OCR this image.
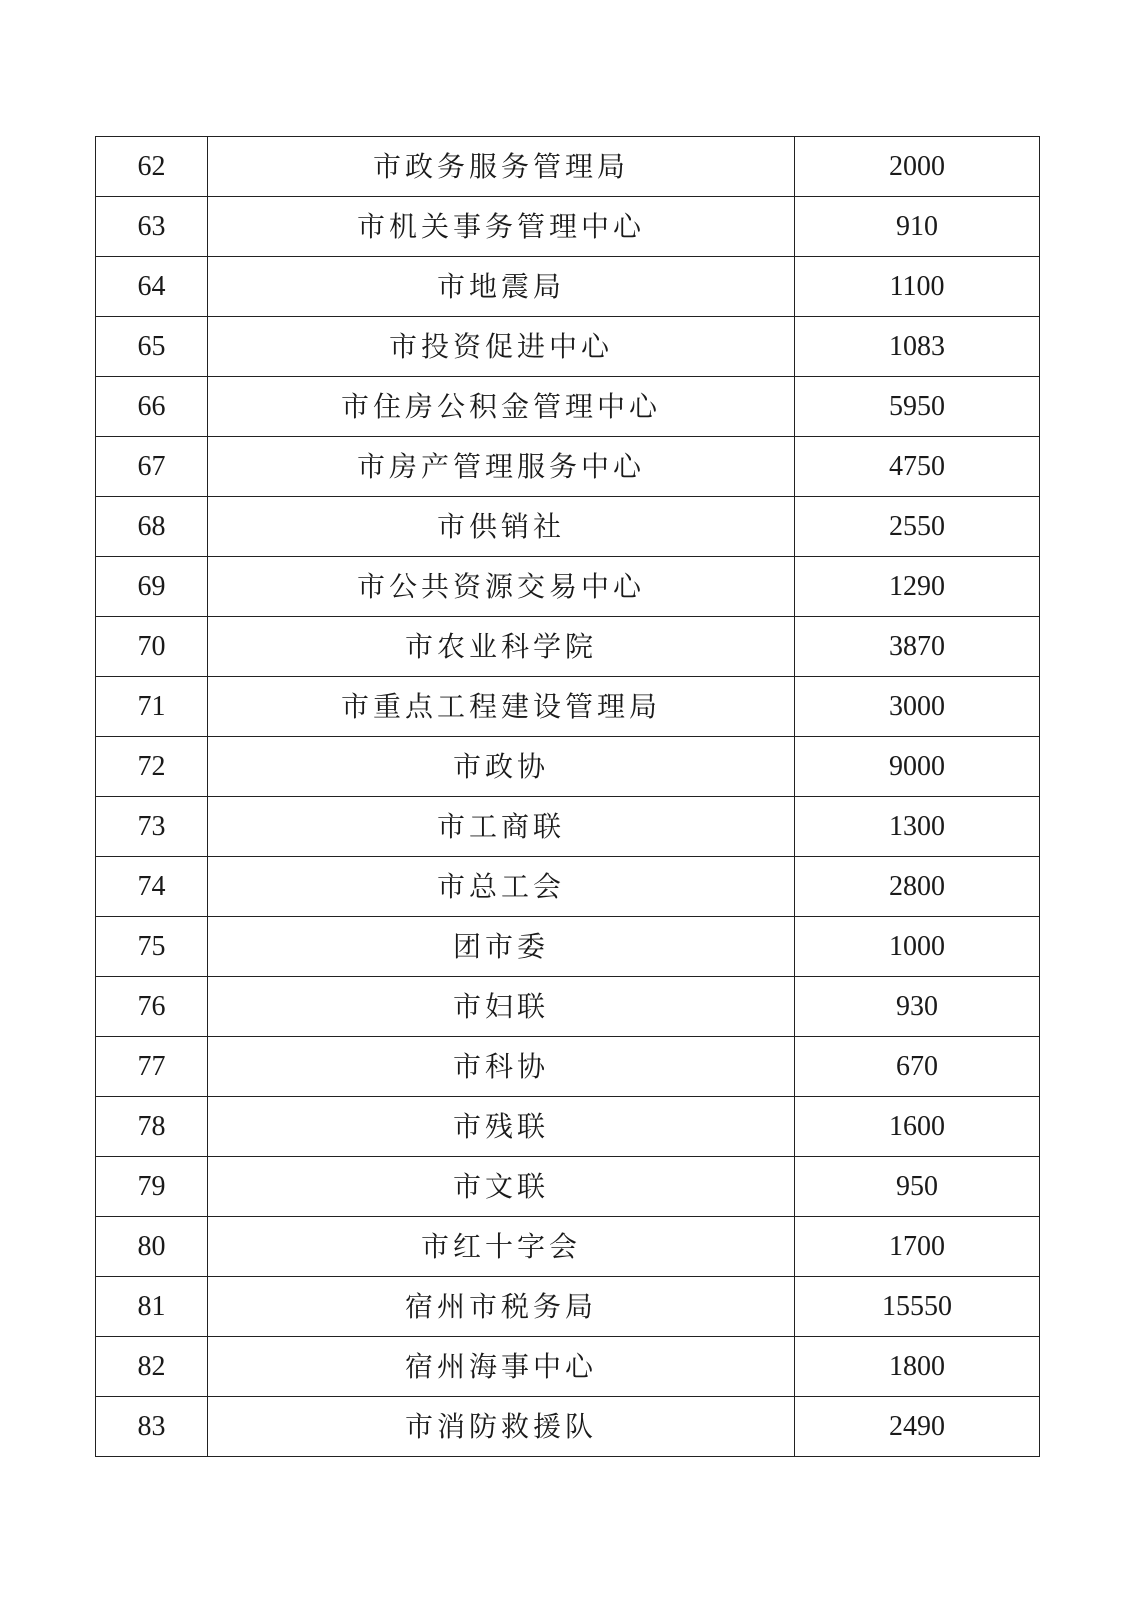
62	市政务服务管理局	2000
63	市机关事务管理中心	910
64	市地震局	1100
65	市投资促进中心	1083
66	市住房公积金管理中心	5950
67	市房产管理服务中心	4750
68	市供销社	2550
69	市公共资源交易中心	1290
70	市农业科学院	3870
71	市重点工程建设管理局	3000
72	市政协	9000
73	市工商联	1300
74	市总工会	2800
75	团市委	1000
76	市妇联	930
77	市科协	670
78	市残联	1600
79	市文联	950
80	市红十字会	1700
81	宿州市税务局	15550
82	宿州海事中心	1800
83	市消防救援队	2490
